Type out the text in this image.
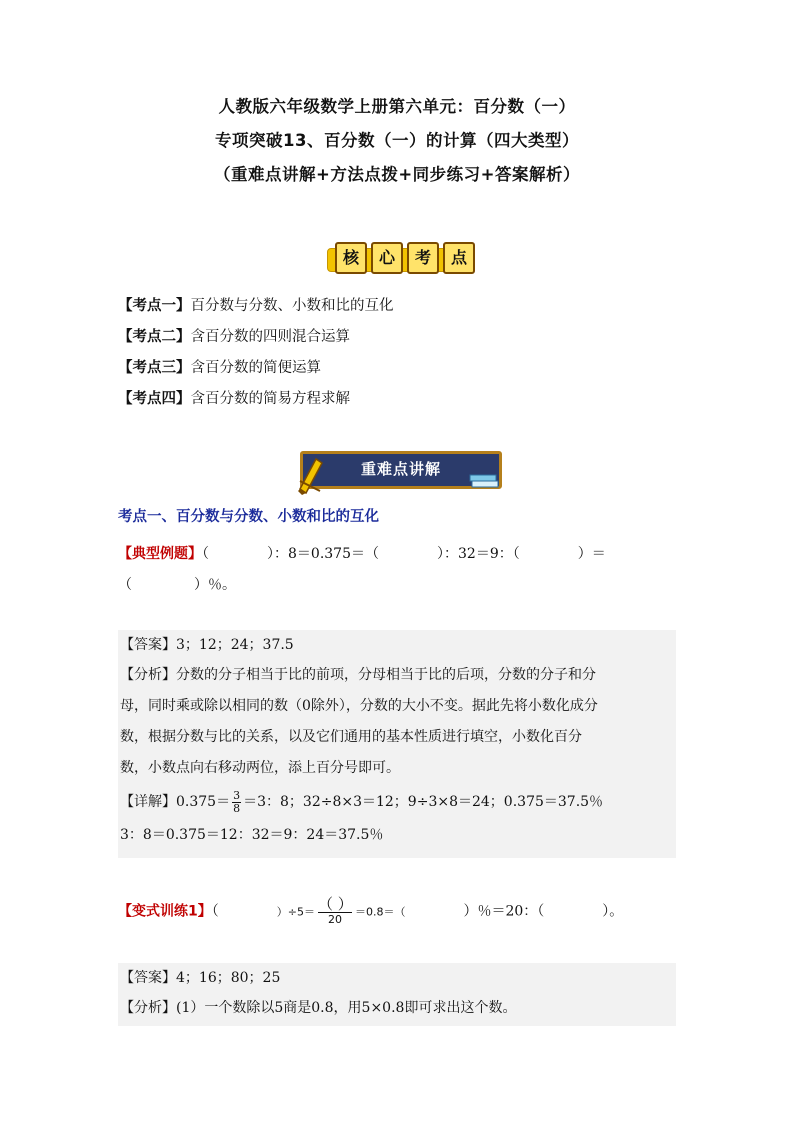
人教版六年级数学上册第六单元：百分数（一）
专项突破13、百分数（一）的计算（四大类型）
（重难点讲解+方法点拨+同步练习+答案解析）
核	心	考	点
【考点一】百分数与分数、小数和比的互化
【考点二】含百分数的四则混合运算
【考点三】含百分数的简便运算
【考点四】含百分数的简易方程求解
重难点讲解
考点一、百分数与分数、小数和比的互化
【典型例题】（	）：8＝0.375＝（	）：32＝9：（	）＝
（	）％。
【答案】3；12；24；37.5
【分析】分数的分子相当于比的前项，分母相当于比的后项，分数的分子和分
母，同时乘或除以相同的数（0除外），分数的大小不变。据此先将小数化成分
数，根据分数与比的关系，以及它们通用的基本性质进行填空，小数化百分
数，小数点向右移动两位，添上百分号即可。
【详解】$0.375= \frac{3}{8} =3$：8；32÷8×3＝12；9÷3×8＝24；0.375＝37.5％
3：8＝0.375＝12：32＝9：24＝37.5％
【变式训练1】（	）$\div 5= \frac{( )}{20} =0.8=$（	）％＝20：（	）。
【答案】4；16；80；25
【分析】(1）一个数除以5商是0.8，用5×0.8即可求出这个数。
